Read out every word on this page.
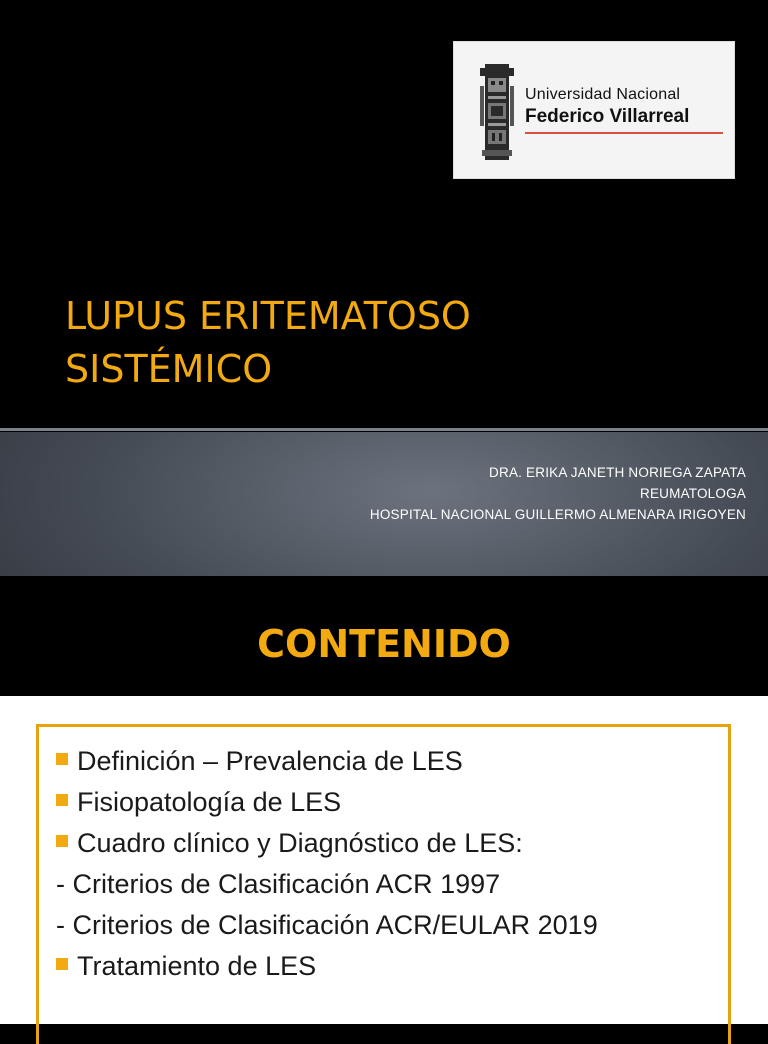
Universidad Nacional
Federico Villarreal
LUPUS ERITEMATOSO
SISTÉMICO
DRA. ERIKA JANETH NORIEGA ZAPATA
REUMATOLOGA
HOSPITAL NACIONAL GUILLERMO ALMENARA IRIGOYEN
CONTENIDO
Definición – Prevalencia de LES
Fisiopatología de LES
Cuadro clínico y Diagnóstico de LES:
- Criterios de Clasificación ACR 1997
- Criterios de Clasificación ACR/EULAR 2019
Tratamiento de LES
